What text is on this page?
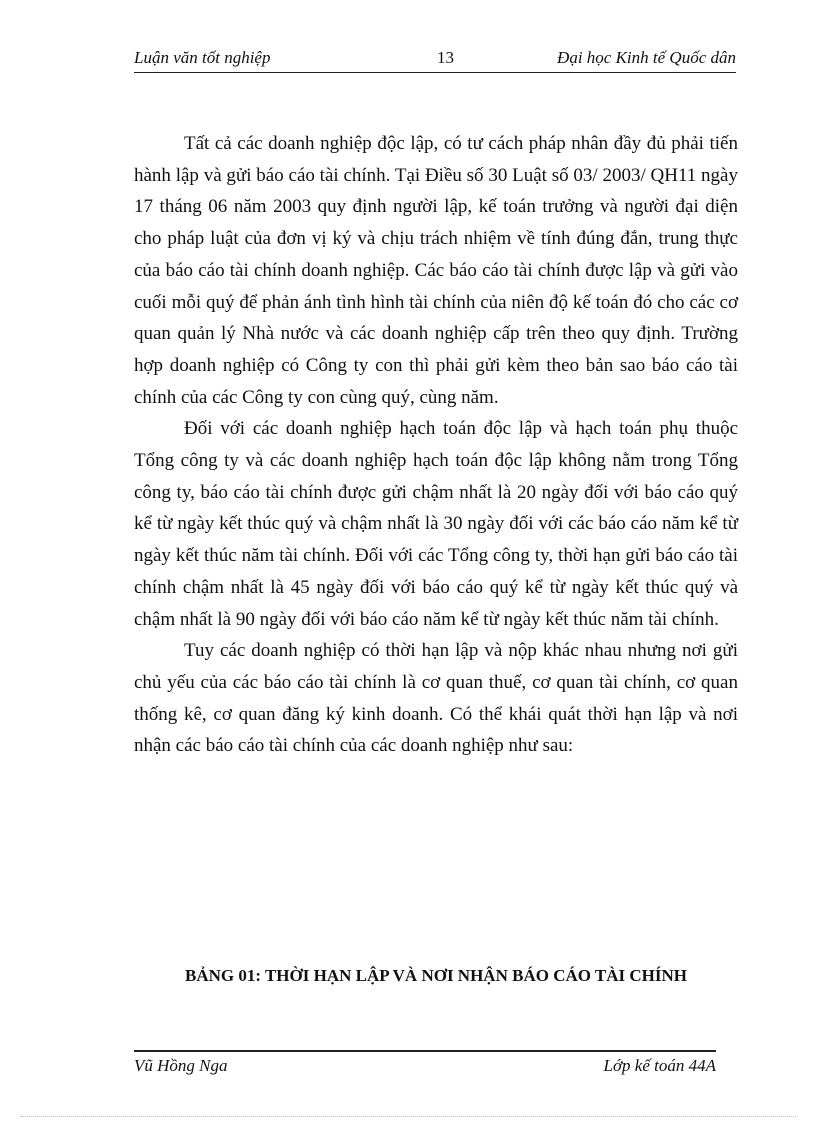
Luận văn tốt nghiệp	13	Đại học Kinh tế Quốc dân

Tất cả các doanh nghiệp độc lập, có tư cách pháp nhân đầy đủ phải tiến hành lập và gửi báo cáo tài chính. Tại Điều số 30 Luật số 03/ 2003/ QH11 ngày 17 tháng 06 năm 2003 quy định người lập, kế toán trưởng và người đại diện cho pháp luật của đơn vị ký và chịu trách nhiệm về tính đúng đắn, trung thực của báo cáo tài chính doanh nghiệp. Các báo cáo tài chính được lập và gửi vào cuối mỗi quý để phản ánh tình hình tài chính của niên độ kế toán đó cho các cơ quan quản lý Nhà nước và các doanh nghiệp cấp trên theo quy định. Trường hợp doanh nghiệp có Công ty con thì phải gửi kèm theo bản sao báo cáo tài chính của các Công ty con cùng quý, cùng năm.

Đối với các doanh nghiệp hạch toán độc lập và hạch toán phụ thuộc Tổng công ty và các doanh nghiệp hạch toán độc lập không nằm trong Tổng công ty, báo cáo tài chính được gửi chậm nhất là 20 ngày đối với báo cáo quý kể từ ngày kết thúc quý và chậm nhất là 30 ngày đối với các báo cáo năm kể từ ngày kết thúc năm tài chính. Đối với các Tổng công ty, thời hạn gửi báo cáo tài chính chậm nhất là 45 ngày đối với báo cáo quý kể từ ngày kết thúc quý và chậm nhất là 90 ngày đối với báo cáo năm kể từ ngày kết thúc năm tài chính.

Tuy các doanh nghiệp có thời hạn lập và nộp khác nhau nhưng nơi gửi chủ yếu của các báo cáo tài chính là cơ quan thuế, cơ quan tài chính, cơ quan thống kê, cơ quan đăng ký kinh doanh. Có thể khái quát thời hạn lập và nơi nhận các báo cáo tài chính của các doanh nghiệp như sau:

BẢNG 01: THỜI HẠN LẬP VÀ NƠI NHẬN BÁO CÁO TÀI CHÍNH
Vũ Hồng Nga	Lớp kế toán 44A
